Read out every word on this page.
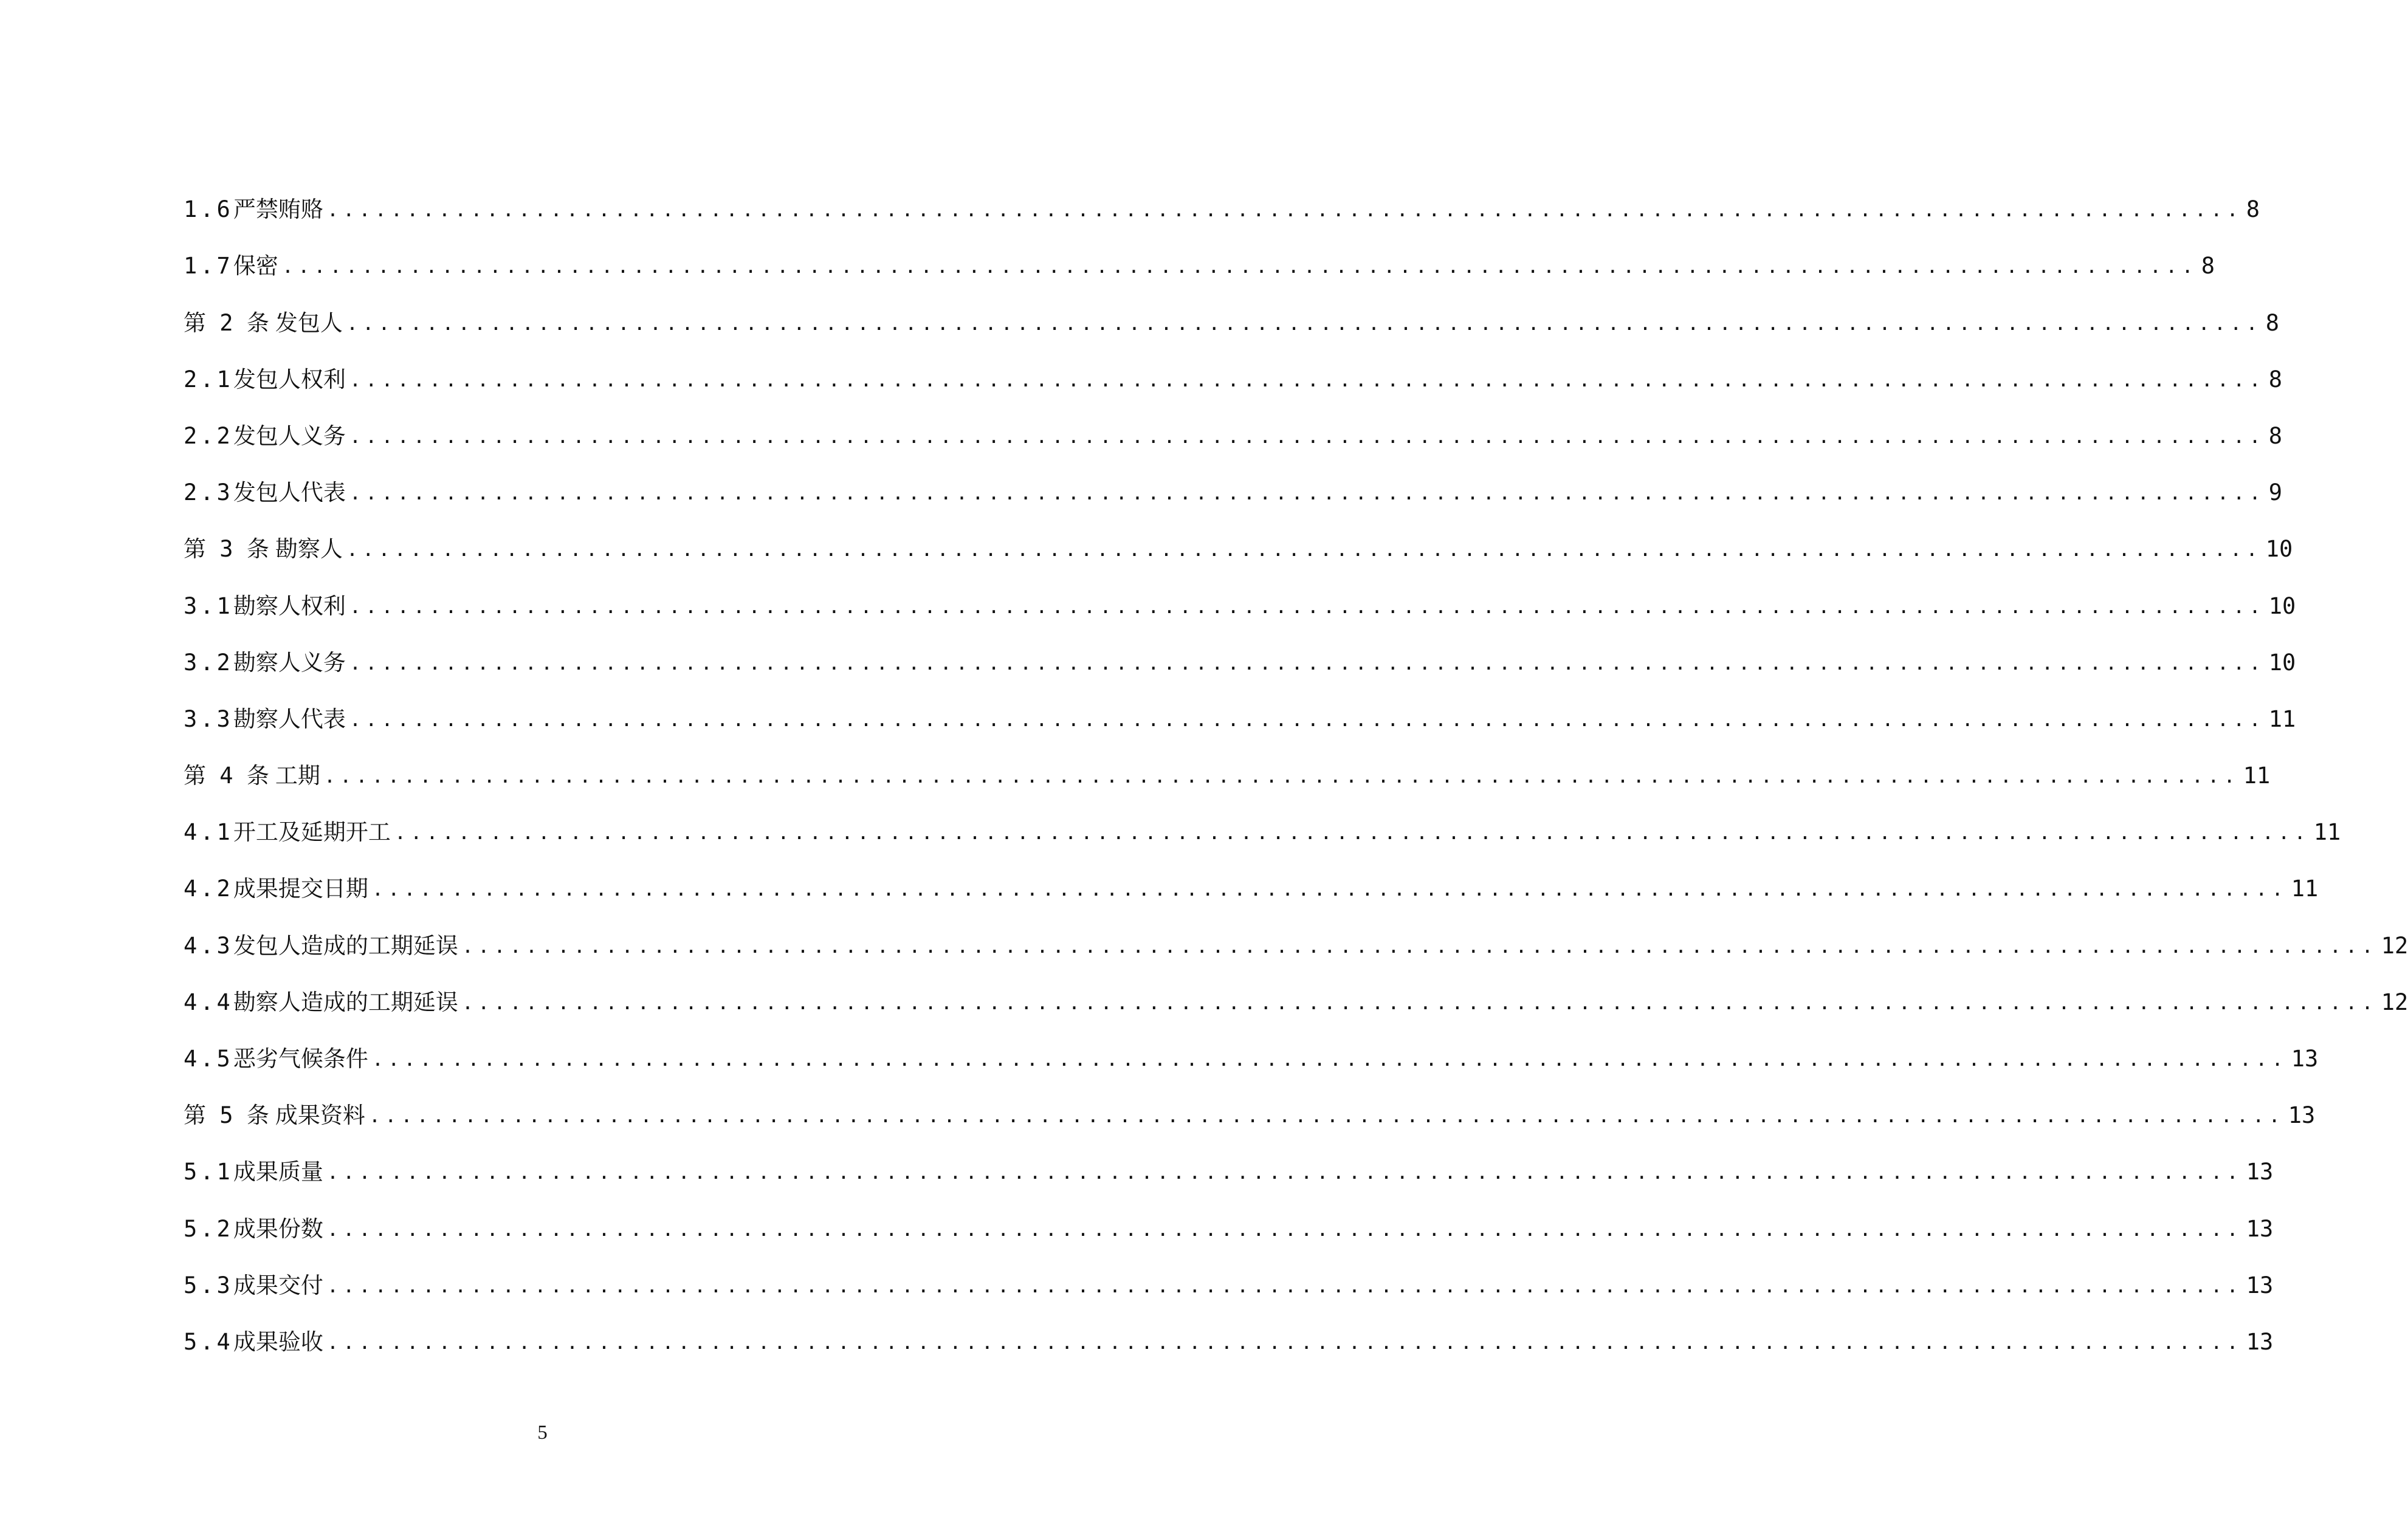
1.6 严禁贿赂 ........................................................................................................................ 8
1.7 保密 ........................................................................................................................ 8
第 2 条 发包人 ........................................................................................................................ 8
2.1 发包人权利 ........................................................................................................................ 8
2.2 发包人义务 ........................................................................................................................ 8
2.3 发包人代表 ........................................................................................................................ 9
第 3 条 勘察人 ........................................................................................................................ 10
3.1 勘察人权利 ........................................................................................................................ 10
3.2 勘察人义务 ........................................................................................................................ 10
3.3 勘察人代表 ........................................................................................................................ 11
第 4 条 工期 ........................................................................................................................ 11
4.1 开工及延期开工 ........................................................................................................................ 11
4.2 成果提交日期 ........................................................................................................................ 11
4.3 发包人造成的工期延误 ........................................................................................................................ 12
4.4 勘察人造成的工期延误 ........................................................................................................................ 12
4.5 恶劣气候条件 ........................................................................................................................ 13
第 5 条 成果资料 ........................................................................................................................ 13
5.1 成果质量 ........................................................................................................................ 13
5.2 成果份数 ........................................................................................................................ 13
5.3 成果交付 ........................................................................................................................ 13
5.4 成果验收 ........................................................................................................................ 13
5
